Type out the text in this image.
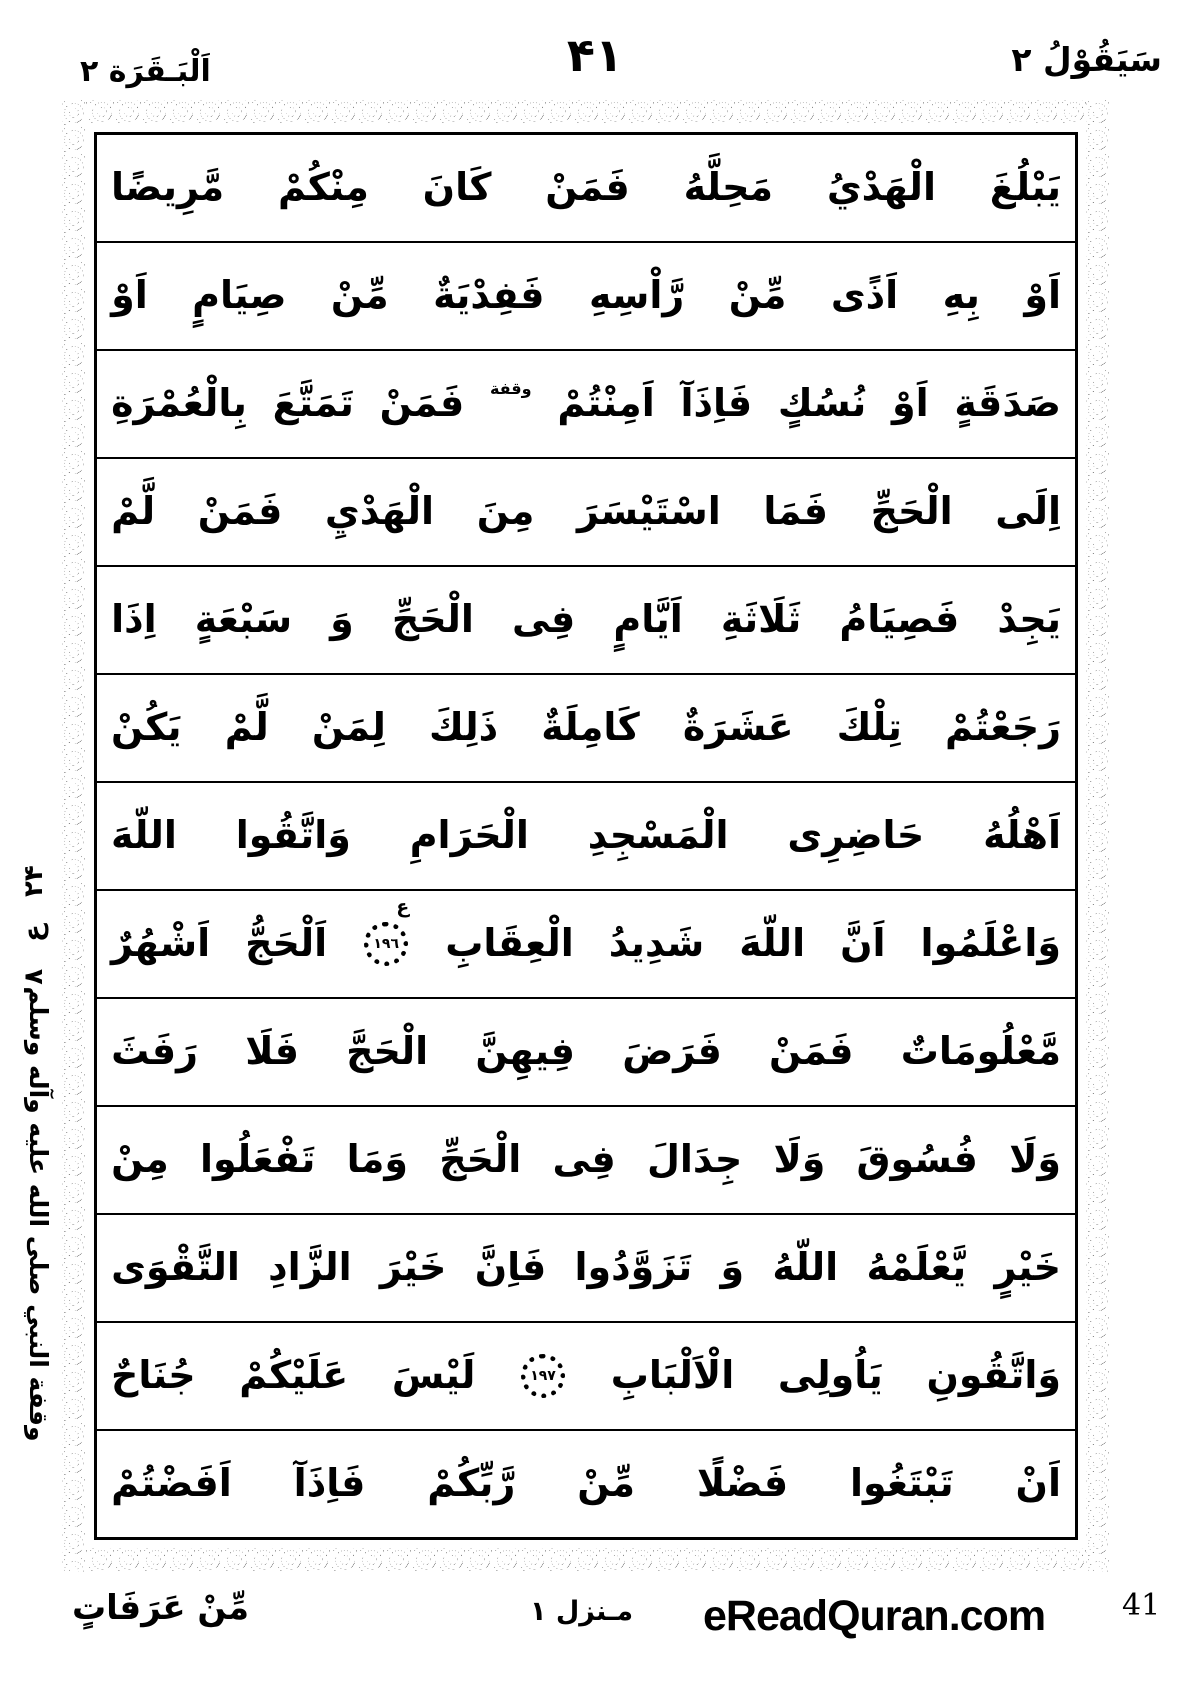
سَيَقُوْلُ ٢
۴۱
اَلْبَـقَرَة ٢
يَبْلُغَ
الْهَدْيُ
مَحِلَّهُ
فَمَنْ
كَانَ
مِنْكُمْ
مَّرِيضًا
اَوْ
بِهِ
اَذًى
مِّنْ
رَّاْسِهِ
فَفِدْيَةٌ
مِّنْ
صِيَامٍ
اَوْ
صَدَقَةٍ
اَوْ
نُسُكٍ
فَاِذَآ
اَمِنْتُمْ
وقفة
فَمَنْ
تَمَتَّعَ
بِالْعُمْرَةِ
اِلَى
الْحَجِّ
فَمَا
اسْتَيْسَرَ
مِنَ
الْهَدْيِ
فَمَنْ
لَّمْ
يَجِدْ
فَصِيَامُ
ثَلَاثَةِ
اَيَّامٍ
فِى
الْحَجِّ
وَ
سَبْعَةٍ
اِذَا
رَجَعْتُمْ
تِلْكَ
عَشَرَةٌ
كَامِلَةٌ
ذَلِكَ
لِمَنْ
لَّمْ
يَكُنْ
اَهْلُهُ
حَاضِرِى
الْمَسْجِدِ
الْحَرَامِ
وَاتَّقُوا
اللّهَ
وَاعْلَمُوا
اَنَّ
اللّهَ
شَدِيدُ
الْعِقَابِ
ع
١٩٦
اَلْحَجُّ
اَشْهُرٌ
مَّعْلُومَاتٌ
فَمَنْ
فَرَضَ
فِيهِنَّ
الْحَجَّ
فَلَا
رَفَثَ
وَلَا
فُسُوقَ
وَلَا
جِدَالَ
فِى
الْحَجِّ
وَمَا
تَفْعَلُوا
مِنْ
خَيْرٍ
يَّعْلَمْهُ
اللّهُ
وَ
تَزَوَّدُوا
فَاِنَّ
خَيْرَ
الزَّادِ
التَّقْوَى
وَاتَّقُونِ
يَاُولِى
الْاَلْبَابِ
١٩٧
لَيْسَ
عَلَيْكُمْ
جُنَاحٌ
اَنْ
تَبْتَغُوا
فَضْلًا
مِّنْ
رَّبِّكُمْ
فَاِذَآ
اَفَضْتُمْ
۲۴ ع ۸
وقفة النبي صلى الله عليه وآله وسلم
مِّنْ عَرَفَاتٍ	مـنزل ۱ eReadQuran.com	41
